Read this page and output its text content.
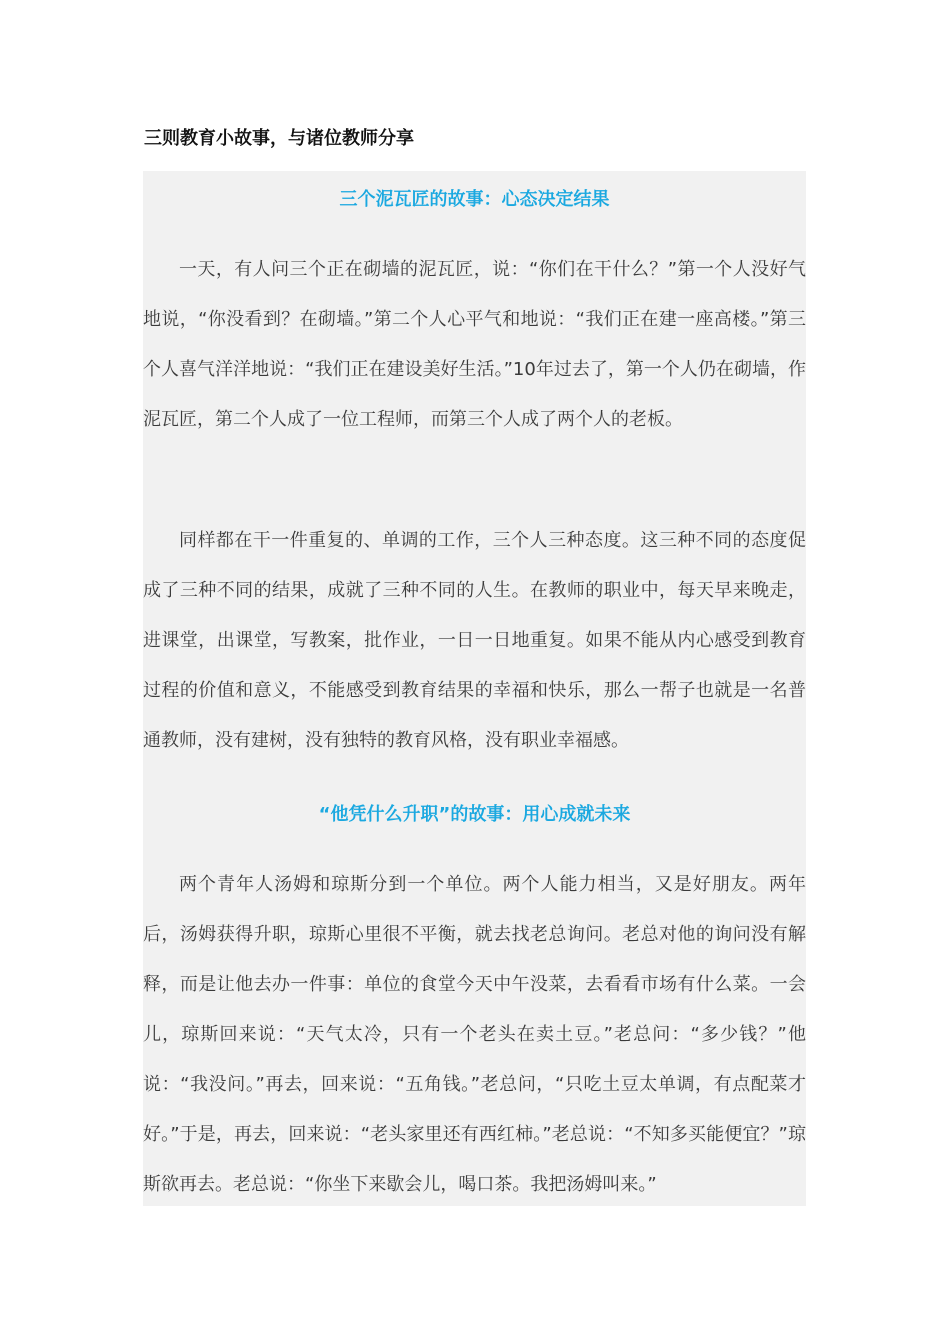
三则教育小故事，与诸位教师分享
三个泥瓦匠的故事：心态决定结果

一天，有人问三个正在砌墙的泥瓦匠，说：“你们在干什么？”第一个人没好气地说，“你没看到？在砌墙。”第二个人心平气和地说：“我们正在建一座高楼。”第三个人喜气洋洋地说：“我们正在建设美好生活。”10年过去了，第一个人仍在砌墙，作泥瓦匠，第二个人成了一位工程师，而第三个人成了两个人的老板。

同样都在干一件重复的、单调的工作，三个人三种态度。这三种不同的态度促成了三种不同的结果，成就了三种不同的人生。在教师的职业中，每天早来晚走，进课堂，出课堂，写教案，批作业，一日一日地重复。如果不能从内心感受到教育过程的价值和意义，不能感受到教育结果的幸福和快乐，那么一帮子也就是一名普通教师，没有建树，没有独特的教育风格，没有职业幸福感。

“他凭什么升职”的故事：用心成就未来

两个青年人汤姆和琼斯分到一个单位。两个人能力相当，又是好朋友。两年后，汤姆获得升职，琼斯心里很不平衡，就去找老总询问。老总对他的询问没有解释，而是让他去办一件事：单位的食堂今天中午没菜，去看看市场有什么菜。一会儿，琼斯回来说：“天气太冷，只有一个老头在卖土豆。”老总问：“多少钱？”他说：“我没问。”再去，回来说：“五角钱。”老总问，“只吃土豆太单调，有点配菜才好。”于是，再去，回来说：“老头家里还有西红柿。”老总说：“不知多买能便宜？”琼斯欲再去。老总说：“你坐下来歇会儿，喝口茶。我把汤姆叫来。”
